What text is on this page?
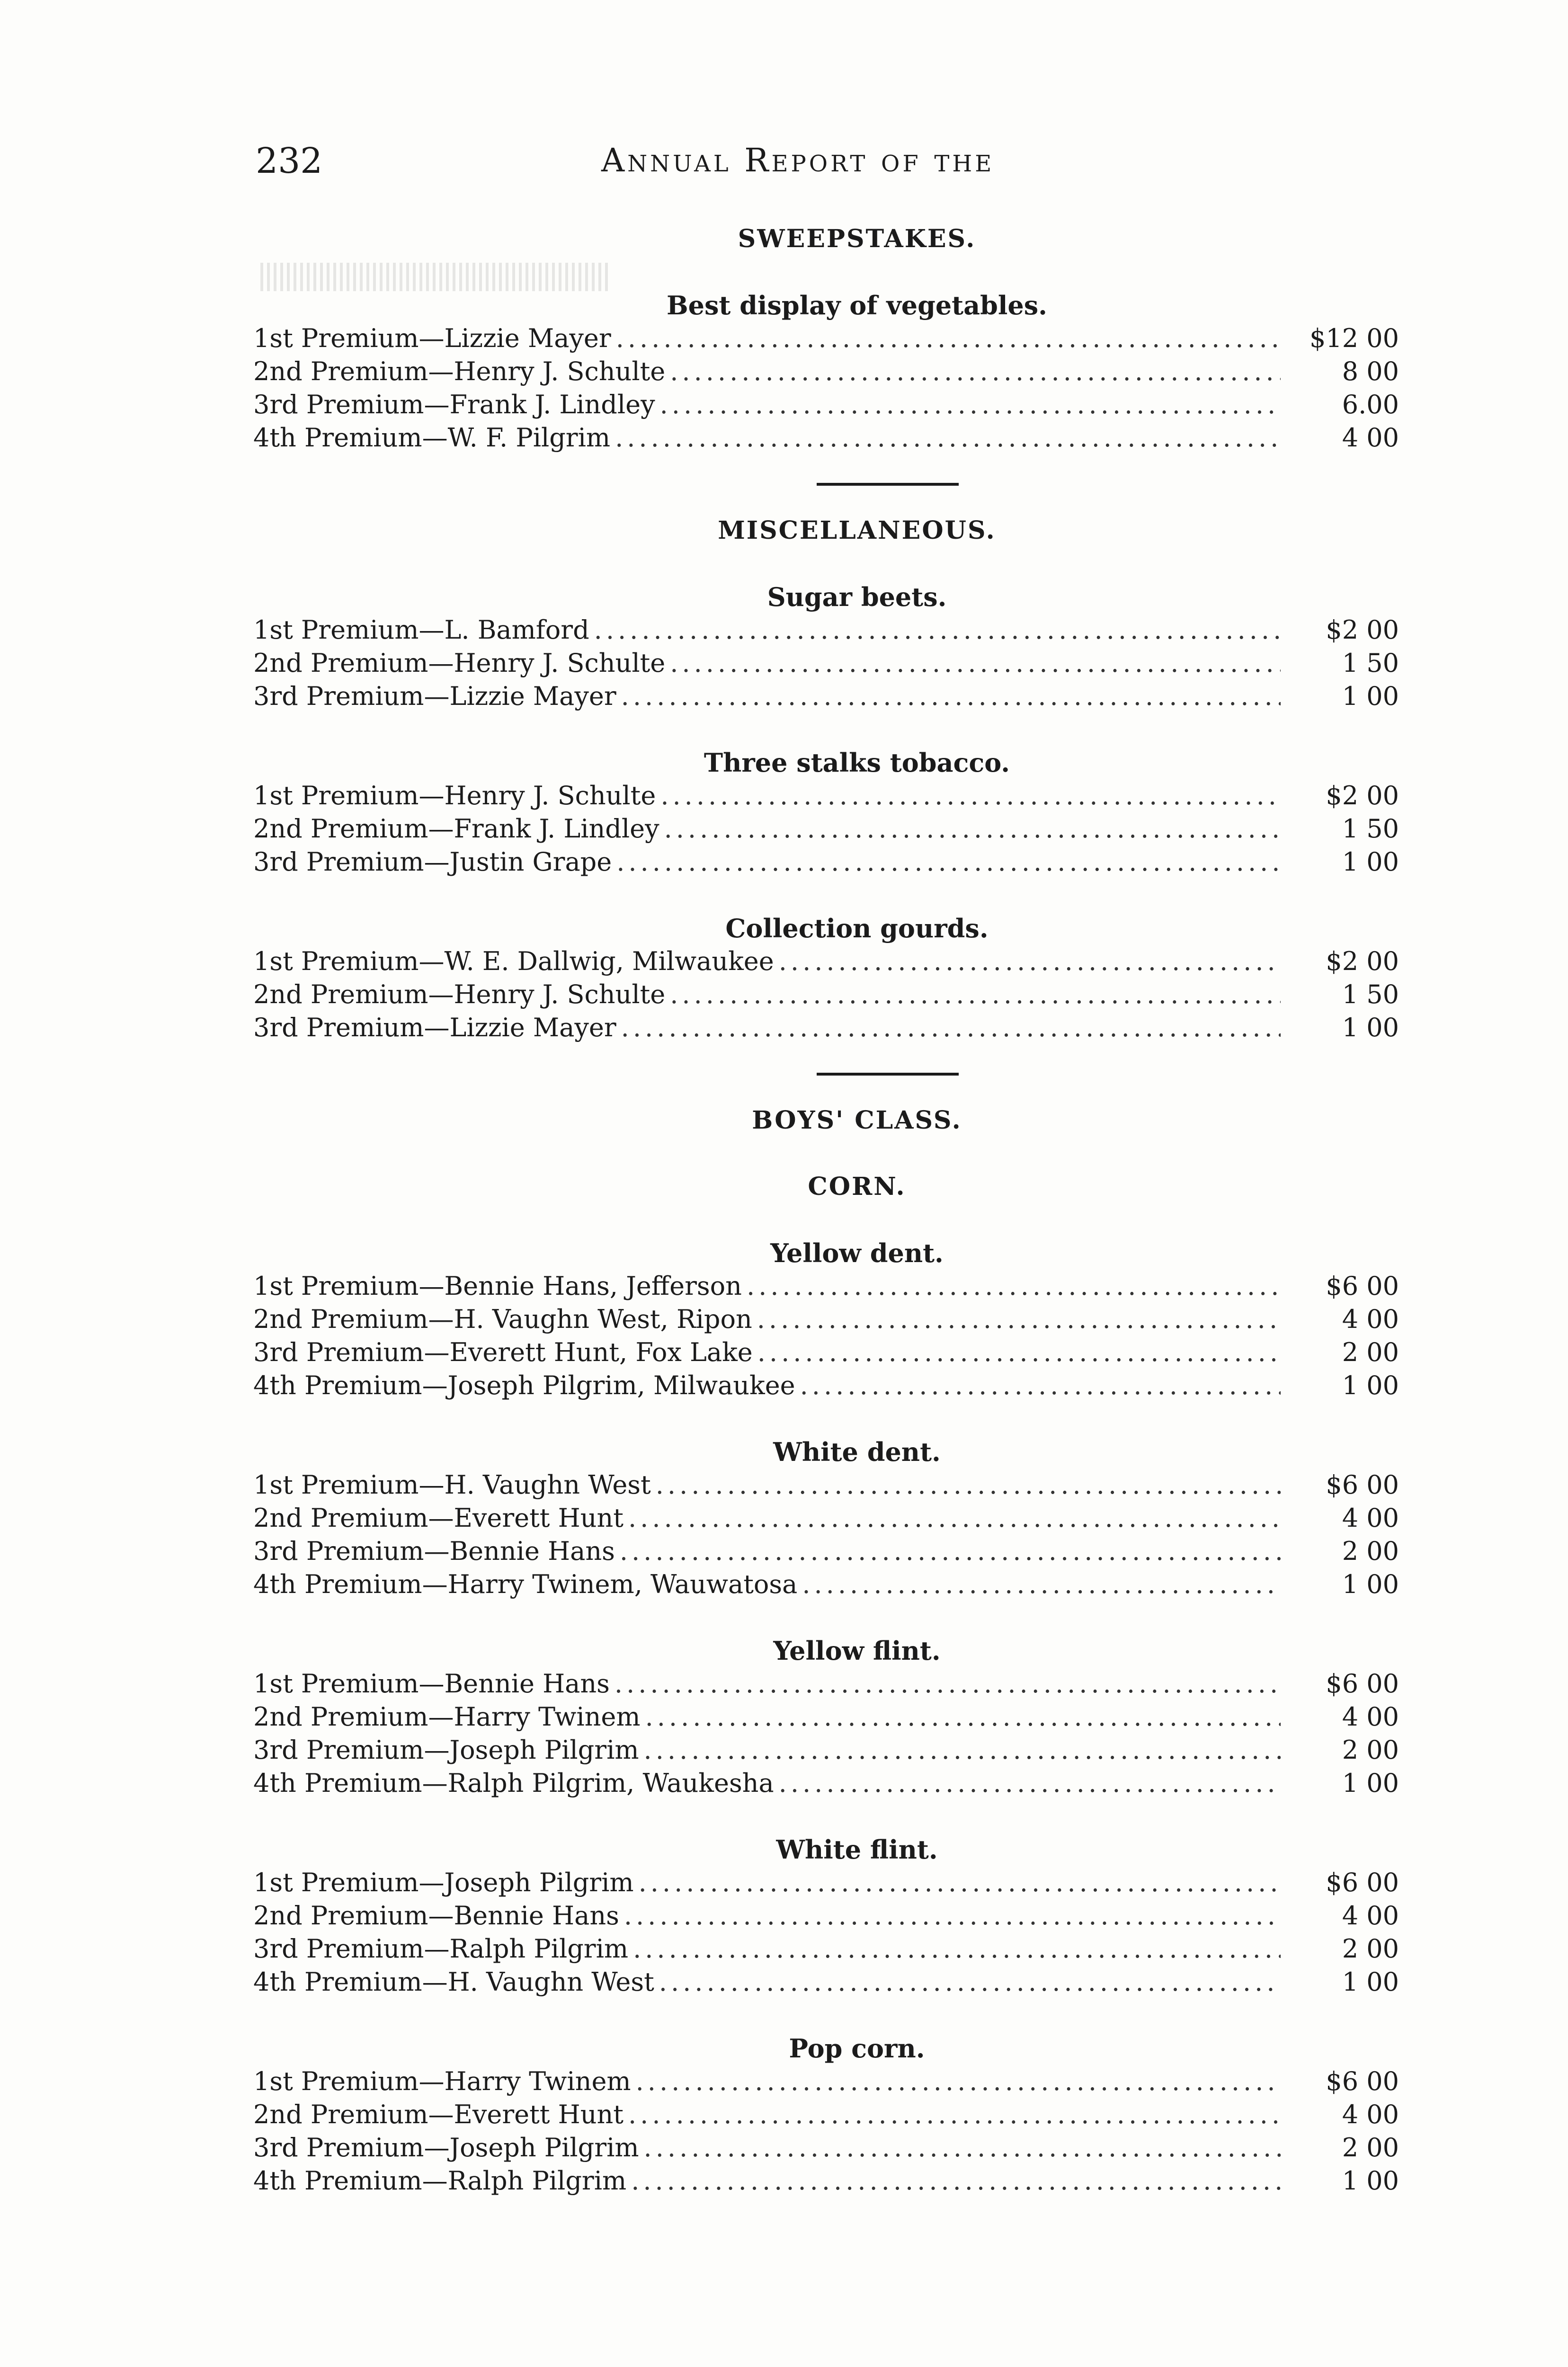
232	Annual Report of the
SWEEPSTAKES.
Best display of vegetables.
1st Premium—Lizzie Mayer .....	$12 00
2nd Premium—Henry J. Schulte .....	8 00
3rd Premium—Frank J. Lindley .....	6.00
4th Premium—W. F. Pilgrim .....	4 00
MISCELLANEOUS.
Sugar beets.
1st Premium—L. Bamford .....	$2 00
2nd Premium—Henry J. Schulte .....	1 50
3rd Premium—Lizzie Mayer .....	1 00
Three stalks tobacco.
1st Premium—Henry J. Schulte .....	$2 00
2nd Premium—Frank J. Lindley .....	1 50
3rd Premium—Justin Grape .....	1 00
Collection gourds.
1st Premium—W. E. Dallwig, Milwaukee .....	$2 00
2nd Premium—Henry J. Schulte .....	1 50
3rd Premium—Lizzie Mayer .....	1 00
BOYS' CLASS.
CORN.
Yellow dent.
1st Premium—Bennie Hans, Jefferson .....	$6 00
2nd Premium—H. Vaughn West, Ripon .....	4 00
3rd Premium—Everett Hunt, Fox Lake .....	2 00
4th Premium—Joseph Pilgrim, Milwaukee .....	1 00
White dent.
1st Premium—H. Vaughn West .....	$6 00
2nd Premium—Everett Hunt .....	4 00
3rd Premium—Bennie Hans .....	2 00
4th Premium—Harry Twinem, Wauwatosa .....	1 00
Yellow flint.
1st Premium—Bennie Hans .....	$6 00
2nd Premium—Harry Twinem .....	4 00
3rd Premium—Joseph Pilgrim .....	2 00
4th Premium—Ralph Pilgrim, Waukesha .....	1 00
White flint.
1st Premium—Joseph Pilgrim .....	$6 00
2nd Premium—Bennie Hans .....	4 00
3rd Premium—Ralph Pilgrim .....	2 00
4th Premium—H. Vaughn West .....	1 00
Pop corn.
1st Premium—Harry Twinem .....	$6 00
2nd Premium—Everett Hunt .....	4 00
3rd Premium—Joseph Pilgrim .....	2 00
4th Premium—Ralph Pilgrim .....	1 00
